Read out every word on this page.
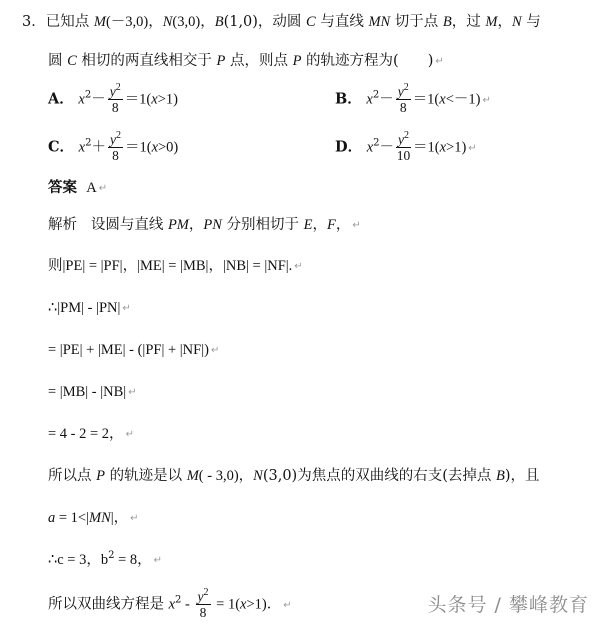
3．已知点 M(－3,0)，N(3,0)，B(1,0)，动圆 C 与直线 MN 切于点 B，过 M，N 与
圆 C 相切的两直线相交于 P 点，则点 P 的轨迹方程为(　　) ↵
A． $x^2- \frac{y^2}{8} =1(x>1)$	B． $x^2- \frac{y^2}{8} =1(x<-1)$ ↵
C． $x^2+ \frac{y^2}{8} =1(x>0)$	D． $x^2- \frac{y^2}{10} =1(x>1)$ ↵
答案 A ↵
解析 设圆与直线 PM，PN 分别相切于 E，F， ↵
则|PE| = |PF|，|ME| = |MB|，|NB| = |NF|. ↵
∴|PM| - |PN| ↵
= |PE| + |ME| - (|PF| + |NF|) ↵
= |MB| - |NB| ↵
= 4 - 2 = 2， ↵
所以点 P 的轨迹是以 M( - 3,0)，N(3,0)为焦点的双曲线的右支(去掉点 B)，且
a = 1<|MN|， ↵
∴c = 3，$b^2 = 8$， ↵
所以双曲线方程是 $x^2 - \frac{y^2}{8} = 1(x>1)$． ↵	头条号 / 攀峰教育
